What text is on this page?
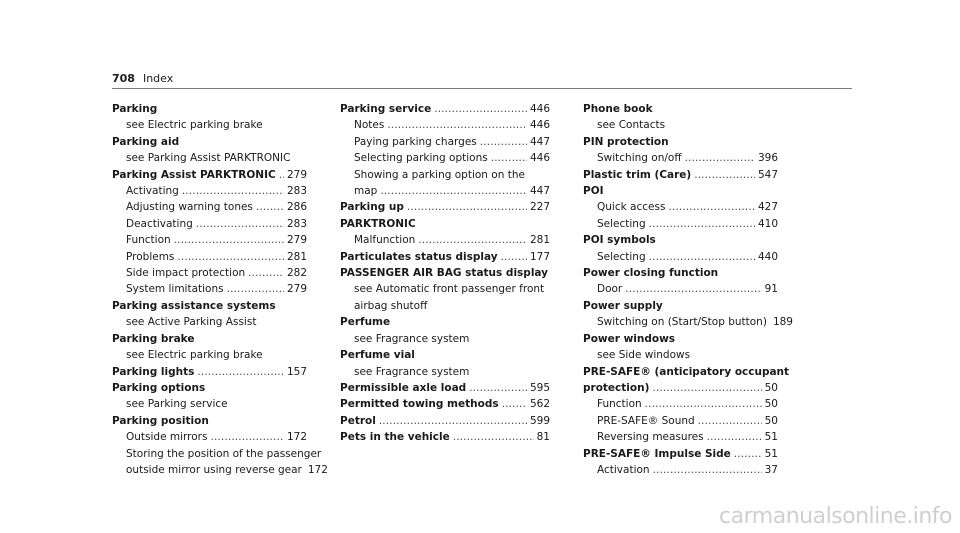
708 Index
Parking
see Electric parking brake
Parking aid
see Parking Assist PARKTRONIC
Parking Assist PARKTRONIC . . . 279
Activating . . .	283
Adjusting warning tones . . .	286
Deactivating . . .	283
Function . . .	279
Problems . . .	281
Side impact protection . . .	282
System limitations . . .	279
Parking assistance systems
see Active Parking Assist
Parking brake
see Electric parking brake
Parking lights . . .	157
Parking options
see Parking service
Parking position
Outside mirrors . . .	172
Storing the position of the passenger
outside mirror using reverse gear 172
Parking service . . .	446
Notes . . .	446
Paying parking charges . . .	447
Selecting parking options . . .	446
Showing a parking option on the
map . . .	447
Parking up . . .	227
PARKTRONIC
Malfunction . . .	281
Particulates status display . . .	177
PASSENGER AIR BAG status display
see Automatic front passenger front
airbag shutoff
Perfume
see Fragrance system
Perfume vial
see Fragrance system
Permissible axle load . . .	595
Permitted towing methods . . .	562
Petrol . . .	599
Pets in the vehicle . . .	81
Phone book
see Contacts
PIN protection
Switching on/off . . .	396
Plastic trim (Care) . . .	547
POI
Quick access . . .	427
Selecting . . .	410
POI symbols
Selecting . . .	440
Power closing function
Door . . .	91
Power supply
Switching on (Start/Stop button) 189
Power windows
see Side windows
PRE-SAFE® (anticipatory occupant
protection) . . .	50
Function . . .	50
PRE-SAFE® Sound . . .	50
Reversing measures . . .	51
PRE-SAFE® Impulse Side . . .	51
Activation . . .	37
carmanualsonline.info
